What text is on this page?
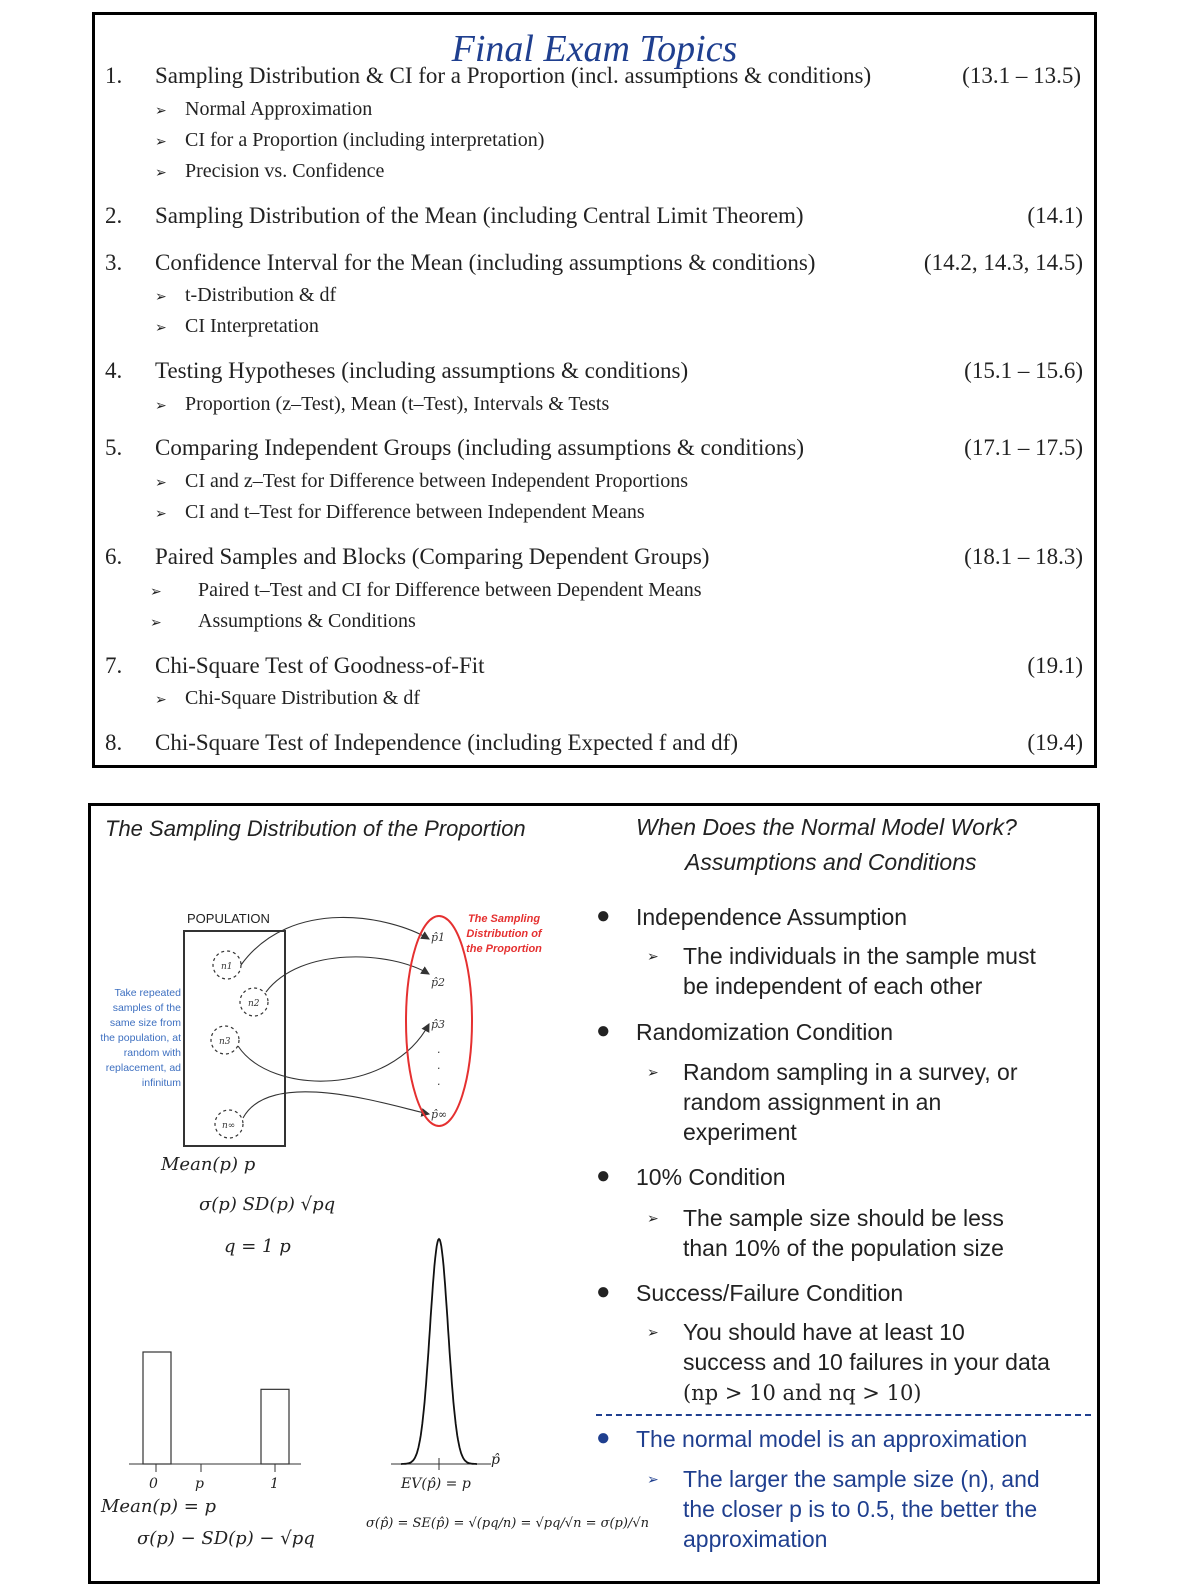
Final Exam Topics
1. Sampling Distribution & CI for a Proportion (incl. assumptions & conditions)	(13.1 – 13.5)
➢ Normal Approximation
➢ CI for a Proportion (including interpretation)
➢ Precision vs. Confidence
2. Sampling Distribution of the Mean (including Central Limit Theorem)	(14.1)
3. Confidence Interval for the Mean (including assumptions & conditions)	(14.2, 14.3, 14.5)
➢ t-Distribution & df
➢ CI Interpretation
4. Testing Hypotheses (including assumptions & conditions)	(15.1 – 15.6)
➢ Proportion (z–Test), Mean (t–Test), Intervals & Tests
5. Comparing Independent Groups (including assumptions & conditions)	(17.1 – 17.5)
➢ CI and z–Test for Difference between Independent Proportions
➢ CI and t–Test for Difference between Independent Means
6. Paired Samples and Blocks (Comparing Dependent Groups)	(18.1 – 18.3)
➢ Paired t–Test and CI for Difference between Dependent Means
➢ Assumptions & Conditions
7. Chi-Square Test of Goodness-of-Fit	(19.1)
➢ Chi-Square Distribution & df
8. Chi-Square Test of Independence (including Expected f and df)	(19.4)
The Sampling Distribution of the Proportion
p̂1
p̂2
p̂3
·
·
·
p̂∞
n1
n2
n3
n∞
POPULATION	The Sampling Distribution of the Proportion
Take repeated samples of the same size from the population, at random with replacement, ad infinitum
Mean(p) p
σ(p) SD(p) √pq
q = 1 p
0	p	1
Mean(p) = p
σ(p) − SD(p) − √pq
p̂
EV(p̂) = p
σ(p̂) = SE(p̂) = √(pq/n) = √pq/√n = σ(p)/√n
When Does the Normal Model Work?
Assumptions and Conditions
● Independence Assumption
➢ The individuals in the sample must
be independent of each other
● Randomization Condition
➢ Random sampling in a survey, or
random assignment in an
experiment
● 10% Condition
➢ The sample size should be less
than 10% of the population size
● Success/Failure Condition
➢ You should have at least 10
success and 10 failures in your data
(np > 10 and nq > 10)
● The normal model is an approximation
➢ The larger the sample size (n), and
the closer p is to 0.5, the better the
approximation
